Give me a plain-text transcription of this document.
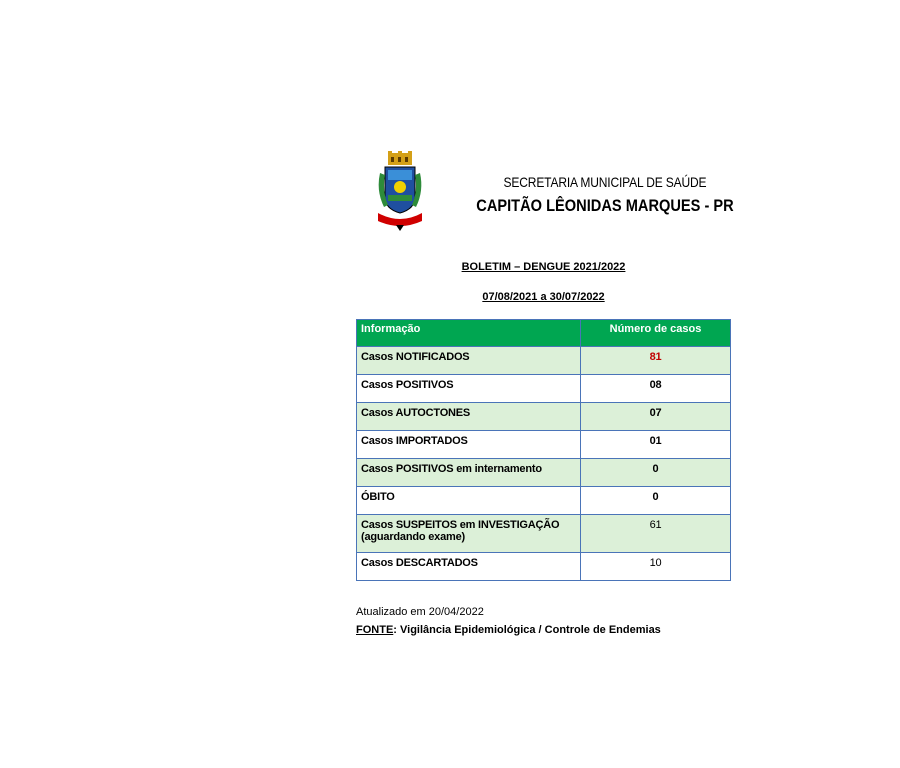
SECRETARIA MUNICIPAL DE SAÚDE
CAPITÃO LÊONIDAS MARQUES - PR
BOLETIM – DENGUE 2021/2022
07/08/2021 a 30/07/2022
Informação	Número de casos
Casos NOTIFICADOS	81
Casos POSITIVOS	08
Casos AUTOCTONES	07
Casos IMPORTADOS	01
Casos POSITIVOS em internamento	0
ÓBITO	0
Casos SUSPEITOS em INVESTIGAÇÃO
(aguardando exame)	61
Casos DESCARTADOS	10
Atualizado em 20/04/2022
FONTE: Vigilância Epidemiológica / Controle de Endemias
